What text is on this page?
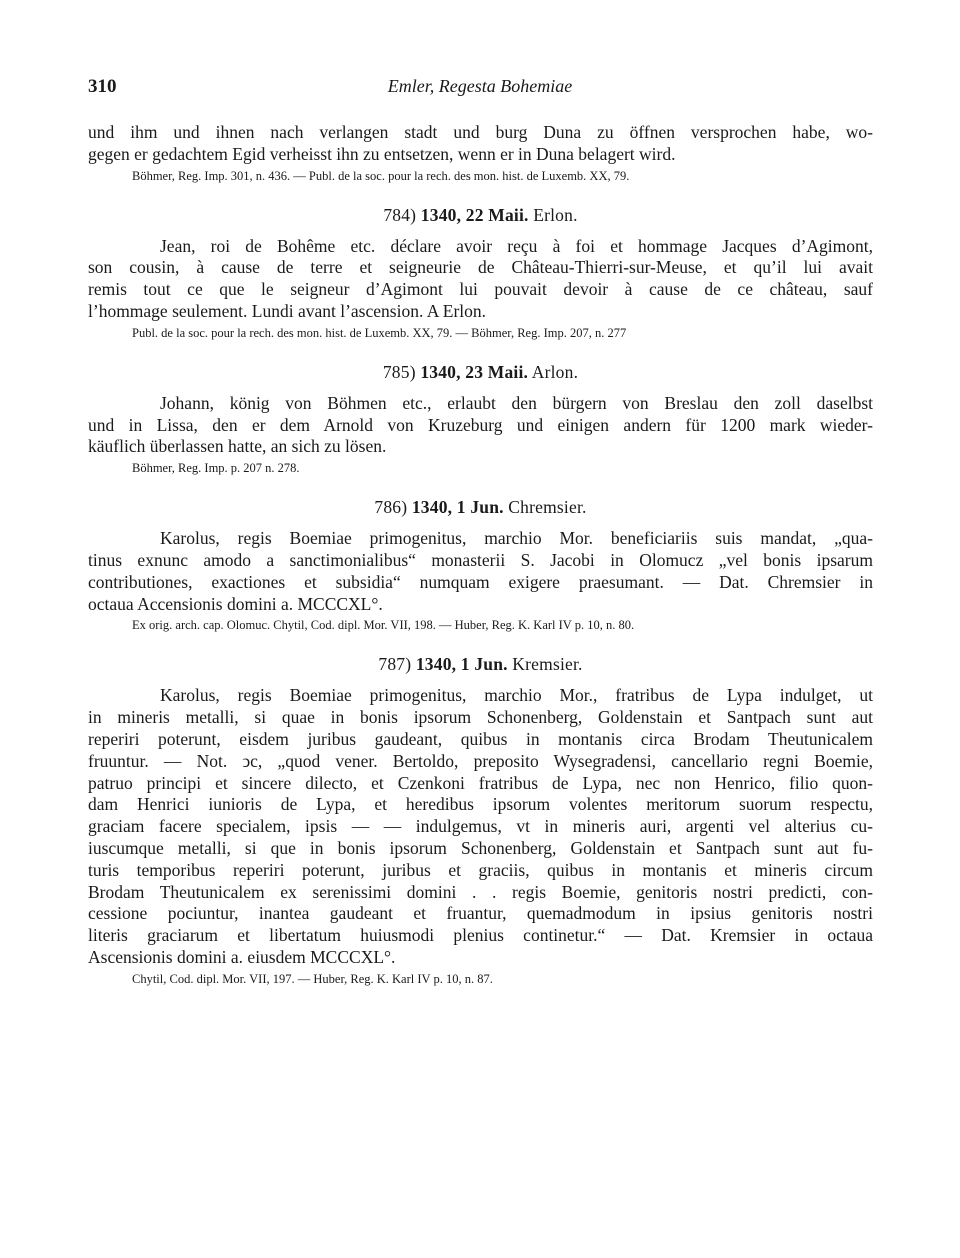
310	Emler, Regesta Bohemiae
und ihm und ihnen nach verlangen stadt und burg Duna zu öffnen versprochen habe, wo-
gegen er gedachtem Egid verheisst ihn zu entsetzen, wenn er in Duna belagert wird.
Böhmer, Reg. Imp. 301, n. 436. — Publ. de la soc. pour la rech. des mon. hist. de Luxemb. XX, 79.
784) 1340, 22 Maii. Erlon.
Jean, roi de Bohême etc. déclare avoir reçu à foi et hommage Jacques d’Agimont,
son cousin, à cause de terre et seigneurie de Château-Thierri-sur-Meuse, et qu’il lui avait
remis tout ce que le seigneur d’Agimont lui pouvait devoir à cause de ce château, sauf
l’hommage seulement. Lundi avant l’ascension. A Erlon.
Publ. de la soc. pour la rech. des mon. hist. de Luxemb. XX, 79. — Böhmer, Reg. Imp. 207, n. 277
785) 1340, 23 Maii. Arlon.
Johann, könig von Böhmen etc., erlaubt den bürgern von Breslau den zoll daselbst
und in Lissa, den er dem Arnold von Kruzeburg und einigen andern für 1200 mark wieder-
käuflich überlassen hatte, an sich zu lösen.
Böhmer, Reg. Imp. p. 207 n. 278.
786) 1340, 1 Jun. Chremsier.
Karolus, regis Boemiae primogenitus, marchio Mor. beneficiariis suis mandat, „qua-
tinus exnunc amodo a sanctimonialibus“ monasterii S. Jacobi in Olomucz „vel bonis ipsarum
contributiones, exactiones et subsidia“ numquam exigere praesumant. — Dat. Chremsier in
octaua Accensionis domini a. MCCCXL°.
Ex orig. arch. cap. Olomuc. Chytil, Cod. dipl. Mor. VII, 198. — Huber, Reg. K. Karl IV p. 10, n. 80.
787) 1340, 1 Jun. Kremsier.
Karolus, regis Boemiae primogenitus, marchio Mor., fratribus de Lypa indulget, ut
in mineris metalli, si quae in bonis ipsorum Schonenberg, Goldenstain et Santpach sunt aut
reperiri poterunt, eisdem juribus gaudeant, quibus in montanis circa Brodam Theutunicalem
fruuntur. — Not. ͻc, „quod vener. Bertoldo, preposito Wysegradensi, cancellario regni Boemie,
patruo principi et sincere dilecto, et Czenkoni fratribus de Lypa, nec non Henrico, filio quon-
dam Henrici iunioris de Lypa, et heredibus ipsorum volentes meritorum suorum respectu,
graciam facere specialem, ipsis — — indulgemus, vt in mineris auri, argenti vel alterius cu-
iuscumque metalli, si que in bonis ipsorum Schonenberg, Goldenstain et Santpach sunt aut fu-
turis temporibus reperiri poterunt, juribus et graciis, quibus in montanis et mineris circum
Brodam Theutunicalem ex serenissimi domini . . regis Boemie, genitoris nostri predicti, con-
cessione pociuntur, inantea gaudeant et fruantur, quemadmodum in ipsius genitoris nostri
literis graciarum et libertatum huiusmodi plenius continetur.“ — Dat. Kremsier in octaua
Ascensionis domini a. eiusdem MCCCXL°.
Chytil, Cod. dipl. Mor. VII, 197. — Huber, Reg. K. Karl IV p. 10, n. 87.
